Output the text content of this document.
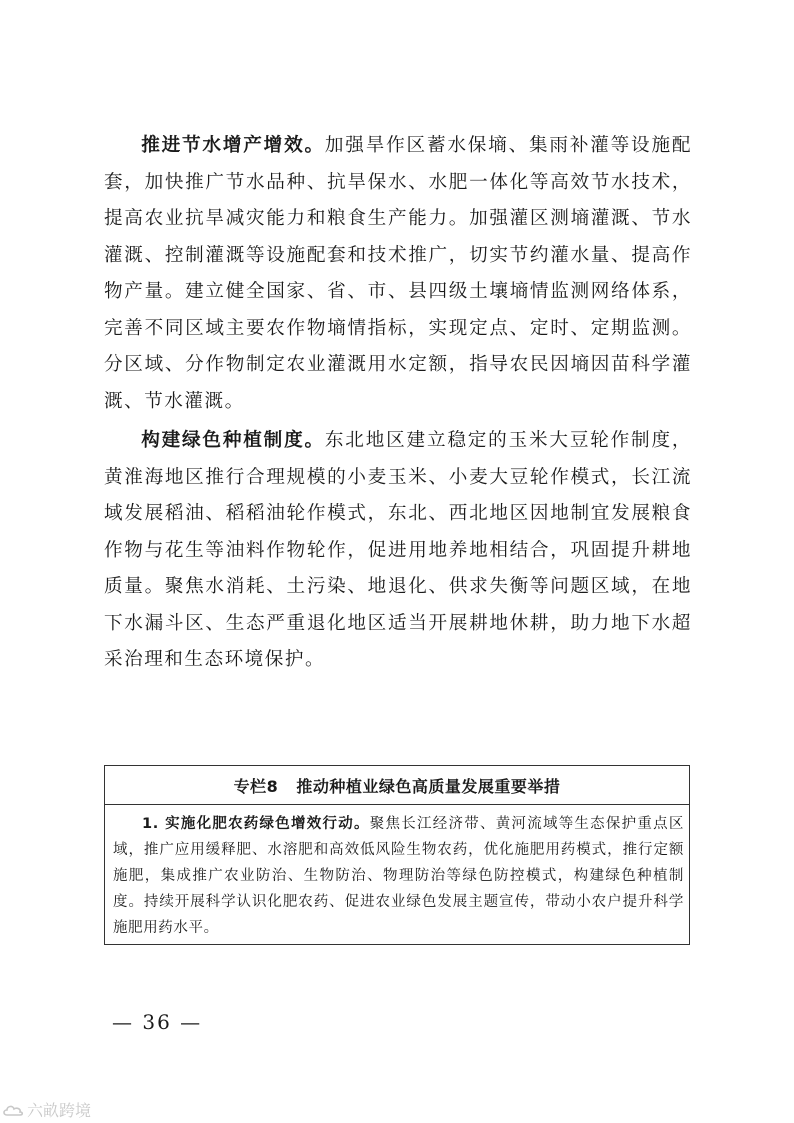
推进节水增产增效。加强旱作区蓄水保墒、集雨补灌等设施配套，加快推广节水品种、抗旱保水、水肥一体化等高效节水技术，提高农业抗旱减灾能力和粮食生产能力。加强灌区测墒灌溉、节水灌溉、控制灌溉等设施配套和技术推广，切实节约灌水量、提高作物产量。建立健全国家、省、市、县四级土壤墒情监测网络体系，完善不同区域主要农作物墒情指标，实现定点、定时、定期监测。分区域、分作物制定农业灌溉用水定额，指导农民因墒因苗科学灌溉、节水灌溉。

构建绿色种植制度。东北地区建立稳定的玉米大豆轮作制度，黄淮海地区推行合理规模的小麦玉米、小麦大豆轮作模式，长江流域发展稻油、稻稻油轮作模式，东北、西北地区因地制宜发展粮食作物与花生等油料作物轮作，促进用地养地相结合，巩固提升耕地质量。聚焦水消耗、土污染、地退化、供求失衡等问题区域，在地下水漏斗区、生态严重退化地区适当开展耕地休耕，助力地下水超采治理和生态环境保护。

专栏8 推动种植业绿色高质量发展重要举措
1. 实施化肥农药绿色增效行动。聚焦长江经济带、黄河流域等生态保护重点区域，推广应用缓释肥、水溶肥和高效低风险生物农药，优化施肥用药模式，推行定额施肥，集成推广农业防治、生物防治、物理防治等绿色防控模式，构建绿色种植制度。持续开展科学认识化肥农药、促进农业绿色发展主题宣传，带动小农户提升科学施肥用药水平。
— 36 —
六畝跨境
